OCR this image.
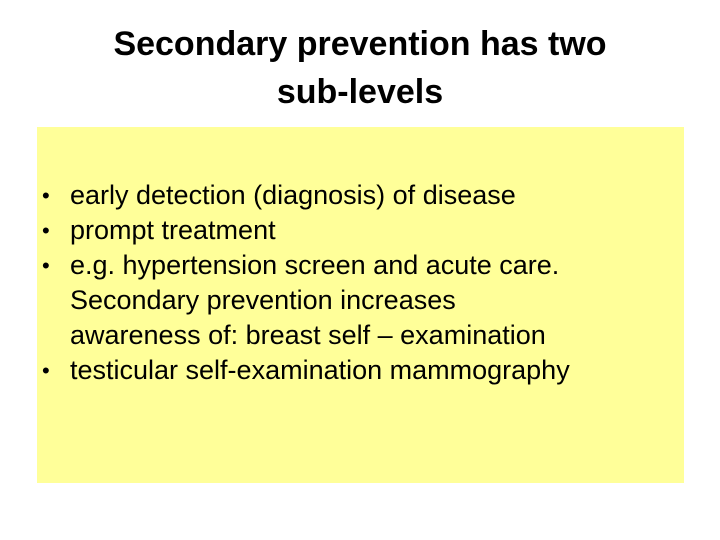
Secondary prevention has two
sub-levels
• early detection (diagnosis) of disease
• prompt treatment
• e.g. hypertension screen and acute care.
Secondary prevention increases
awareness of: breast self – examination
• testicular self-examination mammography
